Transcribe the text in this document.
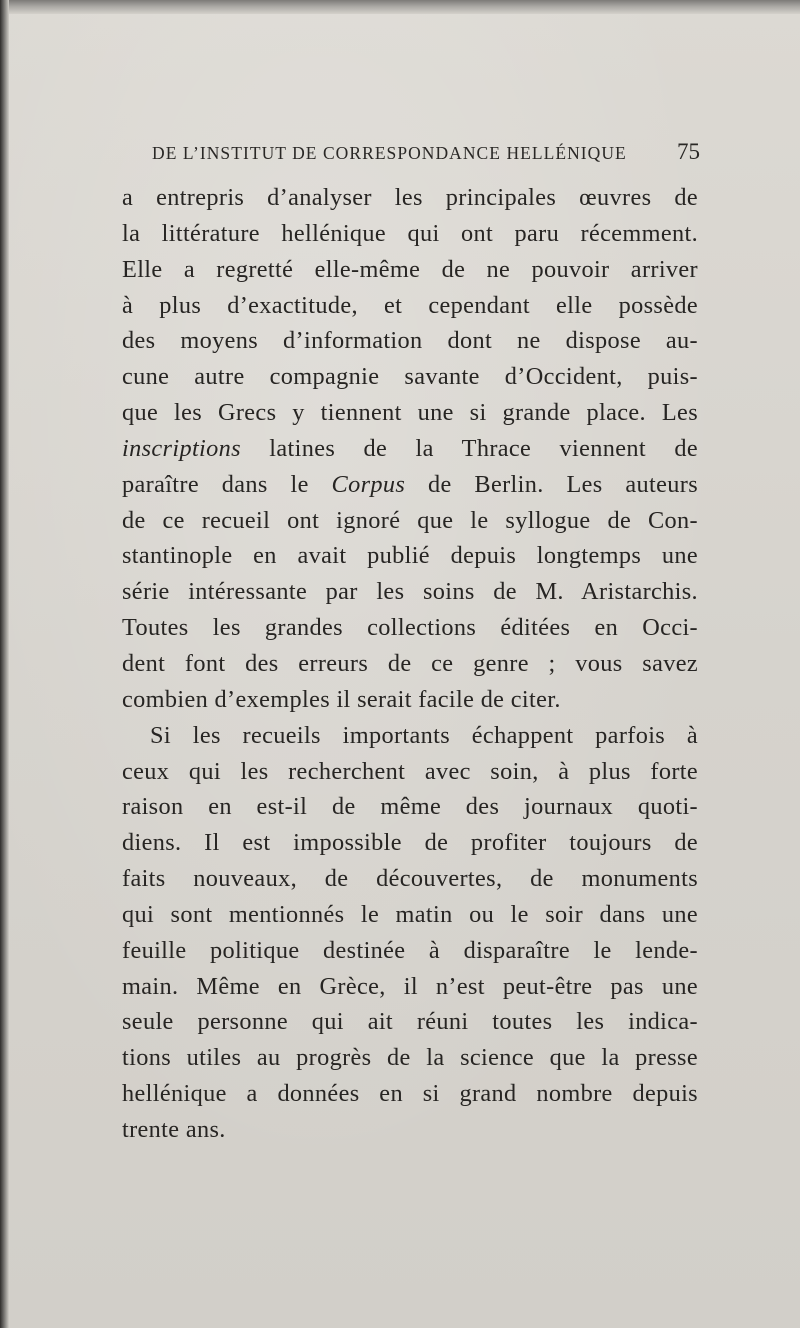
DE L’INSTITUT DE CORRESPONDANCE HELLÉNIQUE 75
a entrepris d’analyser les principales œuvres de
la littérature hellénique qui ont paru récemment.
Elle a regretté elle-même de ne pouvoir arriver
à plus d’exactitude, et cependant elle possède
des moyens d’information dont ne dispose au-
cune autre compagnie savante d’Occident, puis-
que les Grecs y tiennent une si grande place. Les
inscriptions latines de la Thrace viennent de
paraître dans le Corpus de Berlin. Les auteurs
de ce recueil ont ignoré que le syllogue de Con-
stantinople en avait publié depuis longtemps une
série intéressante par les soins de M. Aristarchis.
Toutes les grandes collections éditées en Occi-
dent font des erreurs de ce genre ; vous savez
combien d’exemples il serait facile de citer.
Si les recueils importants échappent parfois à
ceux qui les recherchent avec soin, à plus forte
raison en est-il de même des journaux quoti-
diens. Il est impossible de profiter toujours de
faits nouveaux, de découvertes, de monuments
qui sont mentionnés le matin ou le soir dans une
feuille politique destinée à disparaître le lende-
main. Même en Grèce, il n’est peut-être pas une
seule personne qui ait réuni toutes les indica-
tions utiles au progrès de la science que la presse
hellénique a données en si grand nombre depuis
trente ans.
